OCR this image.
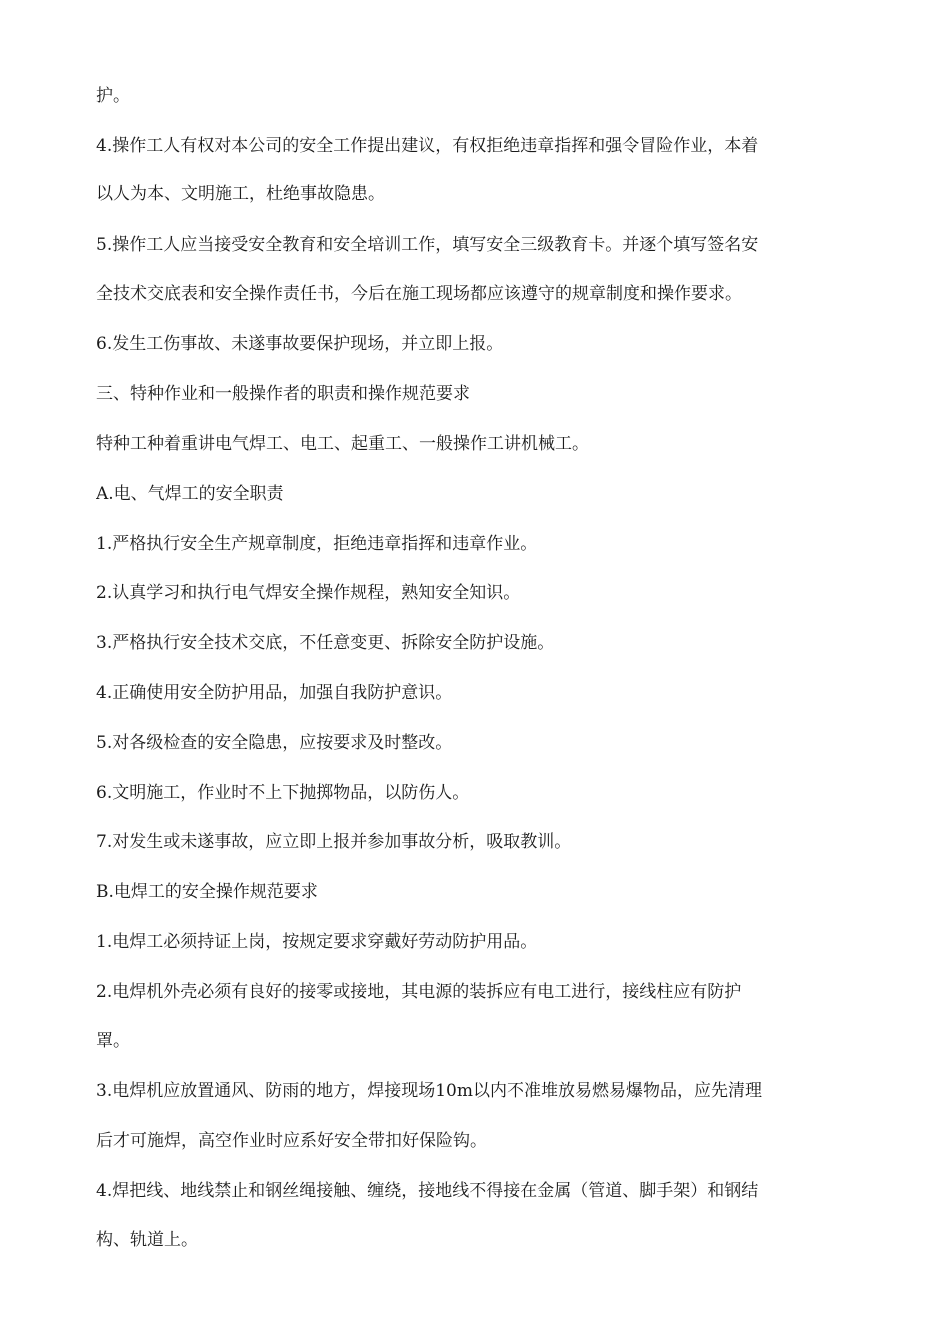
护。
4.操作工人有权对本公司的安全工作提出建议，有权拒绝违章指挥和强令冒险作业，本着
以人为本、文明施工，杜绝事故隐患。
5.操作工人应当接受安全教育和安全培训工作，填写安全三级教育卡。并逐个填写签名安
全技术交底表和安全操作责任书，今后在施工现场都应该遵守的规章制度和操作要求。
6.发生工伤事故、未遂事故要保护现场，并立即上报。
三、特种作业和一般操作者的职责和操作规范要求
特种工种着重讲电气焊工、电工、起重工、一般操作工讲机械工。
A.电、气焊工的安全职责
1.严格执行安全生产规章制度，拒绝违章指挥和违章作业。
2.认真学习和执行电气焊安全操作规程，熟知安全知识。
3.严格执行安全技术交底，不任意变更、拆除安全防护设施。
4.正确使用安全防护用品，加强自我防护意识。
5.对各级检查的安全隐患，应按要求及时整改。
6.文明施工，作业时不上下抛掷物品，以防伤人。
7.对发生或未遂事故，应立即上报并参加事故分析，吸取教训。
B.电焊工的安全操作规范要求
1.电焊工必须持证上岗，按规定要求穿戴好劳动防护用品。
2.电焊机外壳必须有良好的接零或接地，其电源的装拆应有电工进行，接线柱应有防护
罩。
3.电焊机应放置通风、防雨的地方，焊接现场10m以内不准堆放易燃易爆物品，应先清理
后才可施焊，高空作业时应系好安全带扣好保险钩。
4.焊把线、地线禁止和钢丝绳接触、缠绕，接地线不得接在金属（管道、脚手架）和钢结
构、轨道上。
